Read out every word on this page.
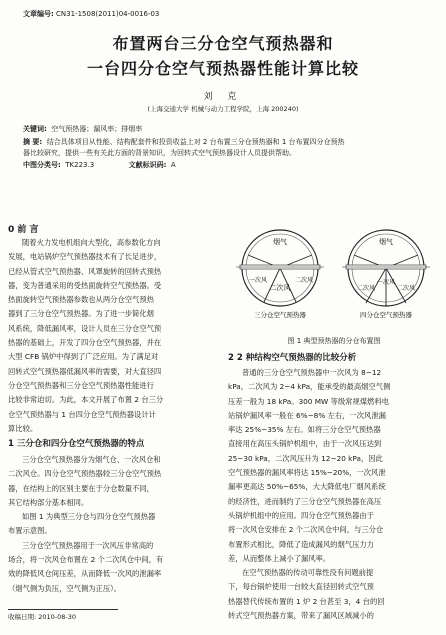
文章编号: CN31-1508(2011)04-0016-03
布置两台三分仓空气预热器和
一台四分仓空气预热器性能计算比较
刘 克
(上海交通大学 机械与动力工程学院，上海 200240)
关键词: 空气预热器；漏风率；排烟率
摘 要: 结合具体项目从性能、结构配套件和投资收益上对 2 台布置三分仓预热器和 1 台布置四分仓预热
器比较研究，提供一些有关此方面的背景知识，为回转式空气预热器设计人员提供帮助。
中图分类号: TK223.3	文献标识码: A
0 前 言
随着火力发电机组向大型化，高参数化方向
发展，电站锅炉空气预热器技术有了长足进步，
已经从管式空气预热器、风罩旋转的回转式预热
器，变为普通采用的受热面旋转空气预热器。受
热面旋转空气预热器参数也从两分仓空气预热
器到了三分仓空气预热器。为了进一步简化烟
风系统，降低漏风率，设计人员在三分仓空气预
热器的基础上，开发了四分仓空气预热器，并在
大型 CFB 锅炉中得到了广泛应用。为了满足对
回转式空气预热器低漏风率的需要，对大直径四
分仓空气预热器和三分仓空气预热器性能进行
比较非常迫切。为此，本文开展了布置 2 台三分
仓空气预热器与 1 台四分仓空气预热器设计计
算比较。
1 三分仓和四分仓空气预热器的特点
三分仓空气预热器分为烟气仓、一次风仓和
二次风仓。四分仓空气预热器较三分仓空气预热
器，在结构上的区别主要在于分仓数量不同，
其它结构部分基本相同。
如图 1 为典型三分仓与四分仓空气预热器
布置示意图。
三分仓空气预热器用于一次风压非常高的
场合，将一次风仓布置在 2 个二次风仓中间，有
效的降低风仓间压差，从而降低一次风的泄漏率
（烟气侧为负压，空气侧为正压）。
烟气
二次风
一次风	二次风
三分仓空气预热器
烟气
一次风
二次风	二次风
四分仓空气预热器
图 1 典型预热器的分仓布置图
2 2 种结构空气预热器的比较分析
普通的三分仓空气预热器中一次风为 8~12
kPa，二次风为 2~4 kPa，能承受的最高烟空气侧
压差一般为 18 kPa。300 MW 等级常规煤燃料电
站锅炉漏风率一般在 6%~8% 左右，一次风泄漏
率达 25%~35% 左右。如将三分仓空气预热器
直接用在高压头锅炉机组中，由于一次风压达到
25~30 kPa，二次风压升为 12~20 kPa，因此
空气预热器的漏风率将达 15%~20%，一次风泄
漏率更高达 50%~65%，大大降低电厂烟风系统
的经济性，进而制约了三分仓空气预热器在高压
头锅炉机组中的应用。四分仓空气预热器由于
将一次风仓安排在 2 个二次风仓中间，与三分仓
布置形式相比，降低了造成漏风的烟气压力力
差，从而整体上减小了漏风率。
在空气预热器的传动可靠性没有问题前提
下，每台锅炉使用一台较大直径回转式空气预
热器替代传统布置的 1 炉 2 台甚至 3，4 台的回
转式空气预热器方案，带来了漏风区域减小的
收稿日期: 2010-08-30
